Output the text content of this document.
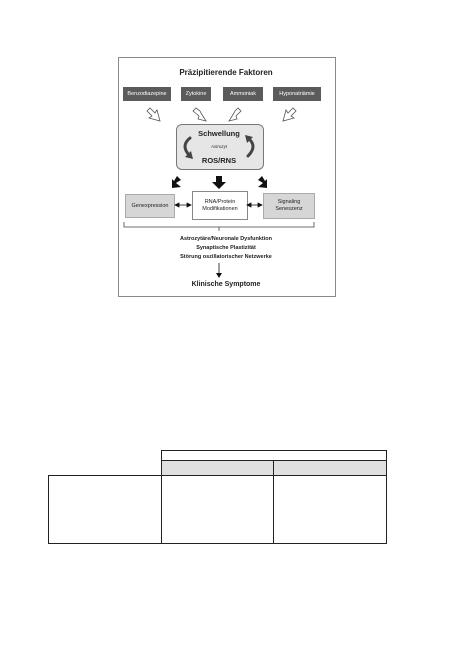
Präzipitierende Faktoren
Benzodiazepine	Zytokine	Ammoniak	Hyponatriämie
Schwellung
Astrozyt
ROS/RNS
Genexpression
RNA/Protein
Modifikationen
Signaling
Seneszenz
Astrozytäre/Neuronale Dysfunktion
Synaptische Plastizität
Störung oszillatorischer Netzwerke
Klinische Symptome
